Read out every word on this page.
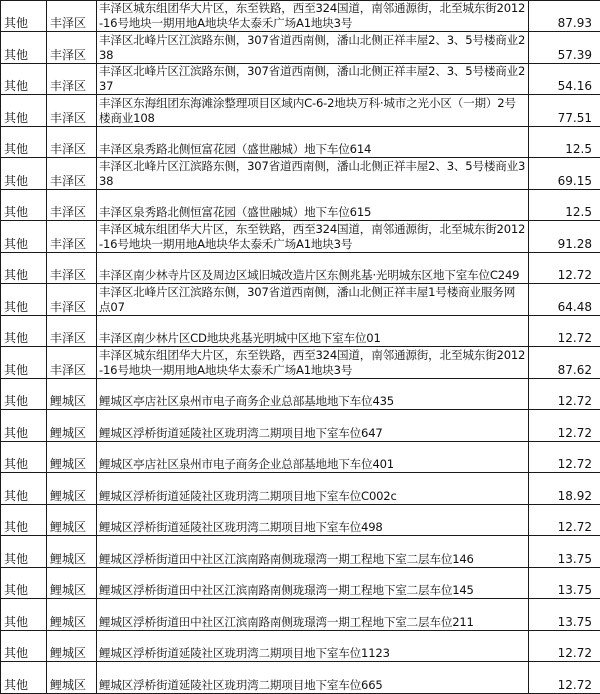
其他	丰泽区	丰泽区城东组团华大片区，东至铁路，西至324国道，南邻通源街，北至城东街2012-16号地块一期用地A地块华太泰禾广场A1地块3号	87.93
其他	丰泽区	丰泽区北峰片区江滨路东侧，307省道西南侧，潘山北侧正祥丰屋2、3、5号楼商业238	57.39
其他	丰泽区	丰泽区北峰片区江滨路东侧，307省道西南侧，潘山北侧正祥丰屋2、3、5号楼商业237	54.16
其他	丰泽区	丰泽区东海组团东海滩涂整理项目区域内C-6-2地块万科·城市之光小区（一期）2号楼商业108	77.51
其他	丰泽区	丰泽区泉秀路北侧恒富花园（盛世融城）地下车位614	12.5
其他	丰泽区	丰泽区北峰片区江滨路东侧，307省道西南侧，潘山北侧正祥丰屋2、3、5号楼商业338	69.15
其他	丰泽区	丰泽区泉秀路北侧恒富花园（盛世融城）地下车位615	12.5
其他	丰泽区	丰泽区城东组团华大片区，东至铁路，西至324国道，南邻通源街，北至城东街2012-16号地块一期用地A地块华太泰禾广场A1地块3号	91.28
其他	丰泽区	丰泽区南少林寺片区及周边区域旧城改造片区东侧兆基·光明城东区地下室车位C249	12.72
其他	丰泽区	丰泽区北峰片区江滨路东侧，307省道西南侧，潘山北侧正祥丰屋1号楼商业服务网点07	64.48
其他	丰泽区	丰泽区南少林片区CD地块兆基光明城中区地下室车位01	12.72
其他	丰泽区	丰泽区城东组团华大片区，东至铁路，西至324国道，南邻通源街，北至城东街2012-16号地块一期用地A地块华太泰禾广场A1地块3号	87.62
其他	鲤城区	鲤城区亭店社区泉州市电子商务企业总部基地地下车位435	12.72
其他	鲤城区	鲤城区浮桥街道延陵社区珑玥湾二期项目地下室车位647	12.72
其他	鲤城区	鲤城区亭店社区泉州市电子商务企业总部基地地下车位401	12.72
其他	鲤城区	鲤城区浮桥街道延陵社区珑玥湾二期项目地下室车位C002c	18.92
其他	鲤城区	鲤城区浮桥街道延陵社区珑玥湾二期项目地下室车位498	12.72
其他	鲤城区	鲤城区浮桥街道田中社区江滨南路南侧珑璟湾一期工程地下室二层车位146	13.75
其他	鲤城区	鲤城区浮桥街道田中社区江滨南路南侧珑璟湾一期工程地下室二层车位145	13.75
其他	鲤城区	鲤城区浮桥街道田中社区江滨南路南侧珑璟湾一期工程地下室二层车位211	13.75
其他	鲤城区	鲤城区浮桥街道延陵社区珑玥湾二期项目地下室车位1123	12.72
其他	鲤城区	鲤城区浮桥街道延陵社区珑玥湾二期项目地下室车位665	12.72
